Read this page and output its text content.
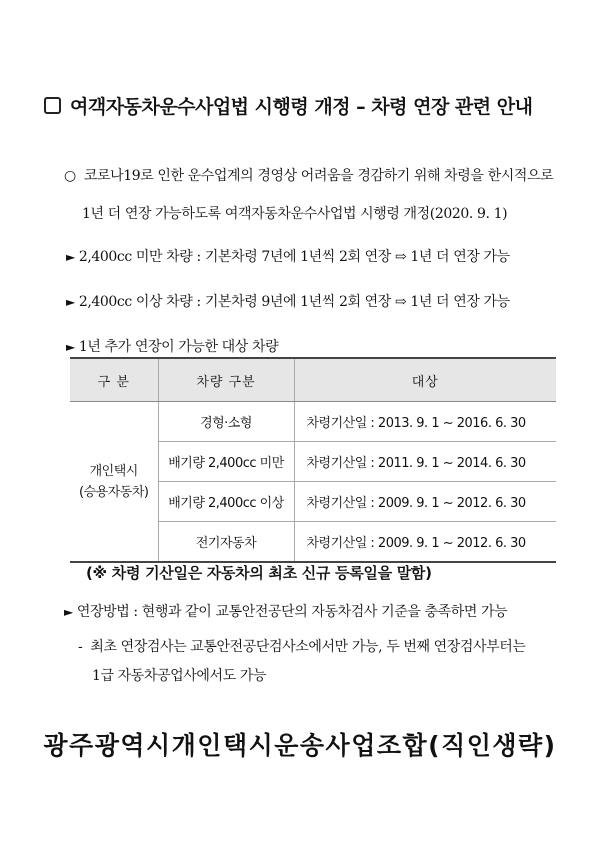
여객자동차운수사업법 시행령 개정 – 차령 연장 관련 안내
○ 코로나19로 인한 운수업계의 경영상 어려움을 경감하기 위해 차령을 한시적으로
1년 더 연장 가능하도록 여객자동차운수사업법 시행령 개정(2020. 9. 1)
► 2,400cc 미만 차량 : 기본차령 7년에 1년씩 2회 연장 ⇨ 1년 더 연장 가능
► 2,400cc 이상 차량 : 기본차령 9년에 1년씩 2회 연장 ⇨ 1년 더 연장 가능
► 1년 추가 연장이 가능한 대상 차량
구 분	차량 구분	대상
개인택시
(승용자동차)	경형·소형	차령기산일 : 2013. 9. 1 ~ 2016. 6. 30
	배기량 2,400cc 미만	차령기산일 : 2011. 9. 1 ~ 2014. 6. 30
	배기량 2,400cc 이상	차령기산일 : 2009. 9. 1 ~ 2012. 6. 30
	전기자동차	차령기산일 : 2009. 9. 1 ~ 2012. 6. 30
(※ 차령 기산일은 자동차의 최초 신규 등록일을 말함)
► 연장방법 : 현행과 같이 교통안전공단의 자동차검사 기준을 충족하면 가능
- 최초 연장검사는 교통안전공단검사소에서만 가능, 두 번째 연장검사부터는
1급 자동차공업사에서도 가능
광주광역시개인택시운송사업조합(직인생략)
